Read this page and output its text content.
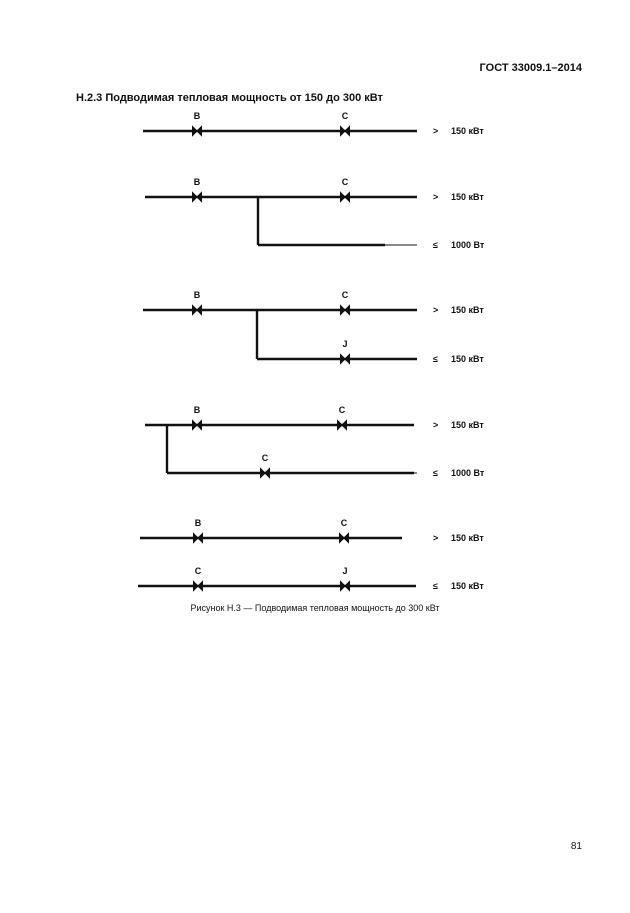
ГОСТ 33009.1–2014
Н.2.3 Подводимая тепловая мощность от 150 до 300 кВт
B	C
> 150 кВт
B	C
> 150 кВт
≤ 1000 Вт
B	C
> 150 кВт
J
≤ 150 кВт
B	C
> 150 кВт
C
≤ 1000 Вт
B	C
> 150 кВт
C	J
≤ 150 кВт
Рисунок Н.3 — Подводимая тепловая мощность до 300 кВт
81
